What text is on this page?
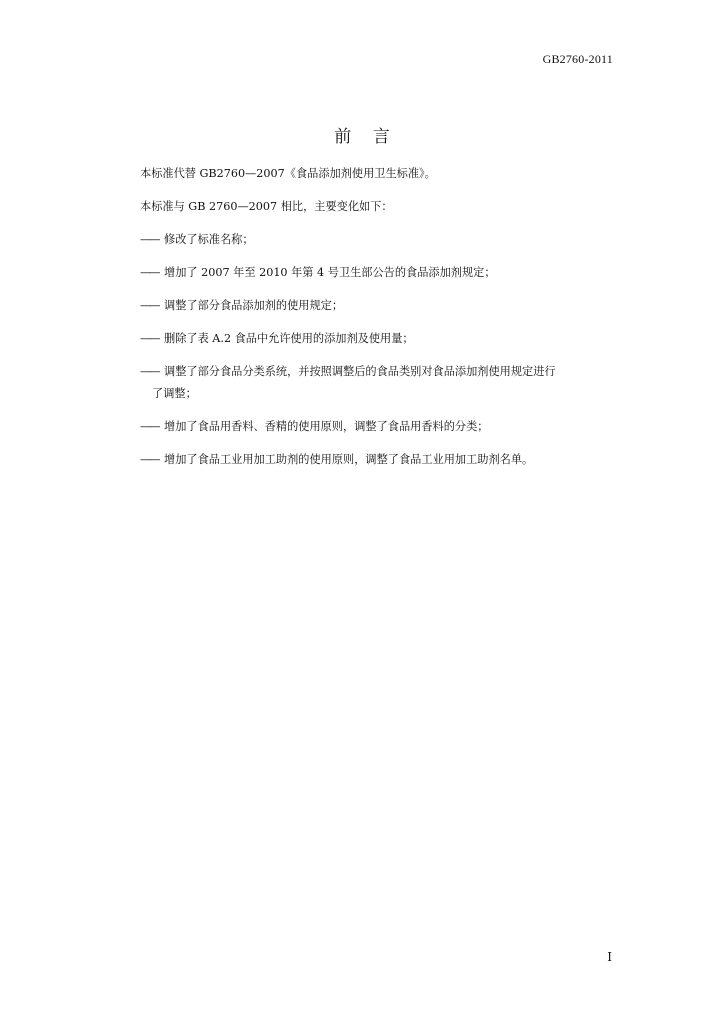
GB2760-2011
前 言
本标准代替 GB2760—2007《食品添加剂使用卫生标准》。
本标准与 GB 2760—2007 相比，主要变化如下：
—— 修改了标准名称；
—— 增加了 2007 年至 2010 年第 4 号卫生部公告的食品添加剂规定；
—— 调整了部分食品添加剂的使用规定；
—— 删除了表 A.2 食品中允许使用的添加剂及使用量；
—— 调整了部分食品分类系统，并按照调整后的食品类别对食品添加剂使用规定进行
了调整；
—— 增加了食品用香料、香精的使用原则，调整了食品用香料的分类；
—— 增加了食品工业用加工助剂的使用原则，调整了食品工业用加工助剂名单。
I
